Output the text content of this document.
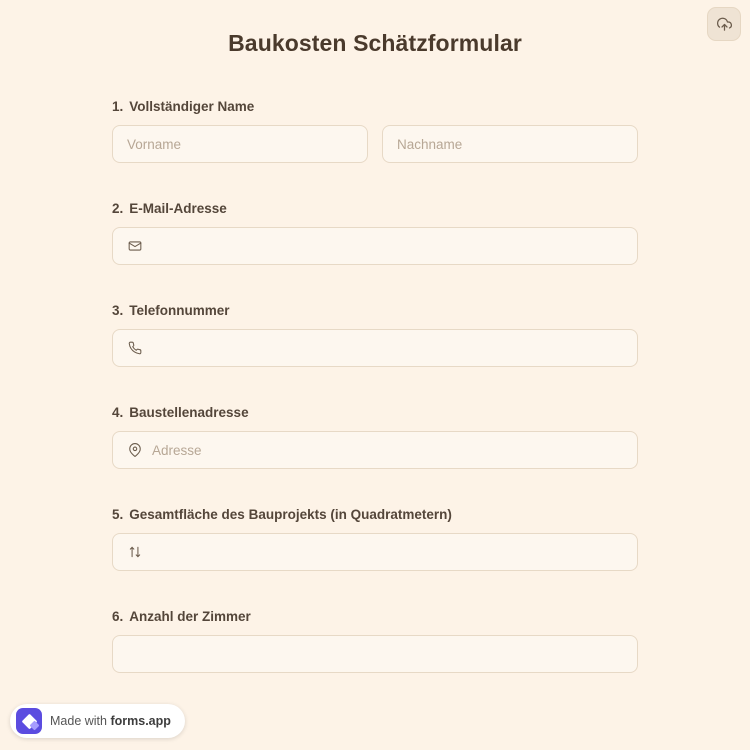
Baukosten Schätzformular
1. Vollständiger Name
Vorname	Nachname
2. E-Mail-Adresse
3. Telefonnummer
4. Baustellenadresse
Adresse
5. Gesamtfläche des Bauprojekts (in Quadratmetern)
6. Anzahl der Zimmer
Made with forms.app
